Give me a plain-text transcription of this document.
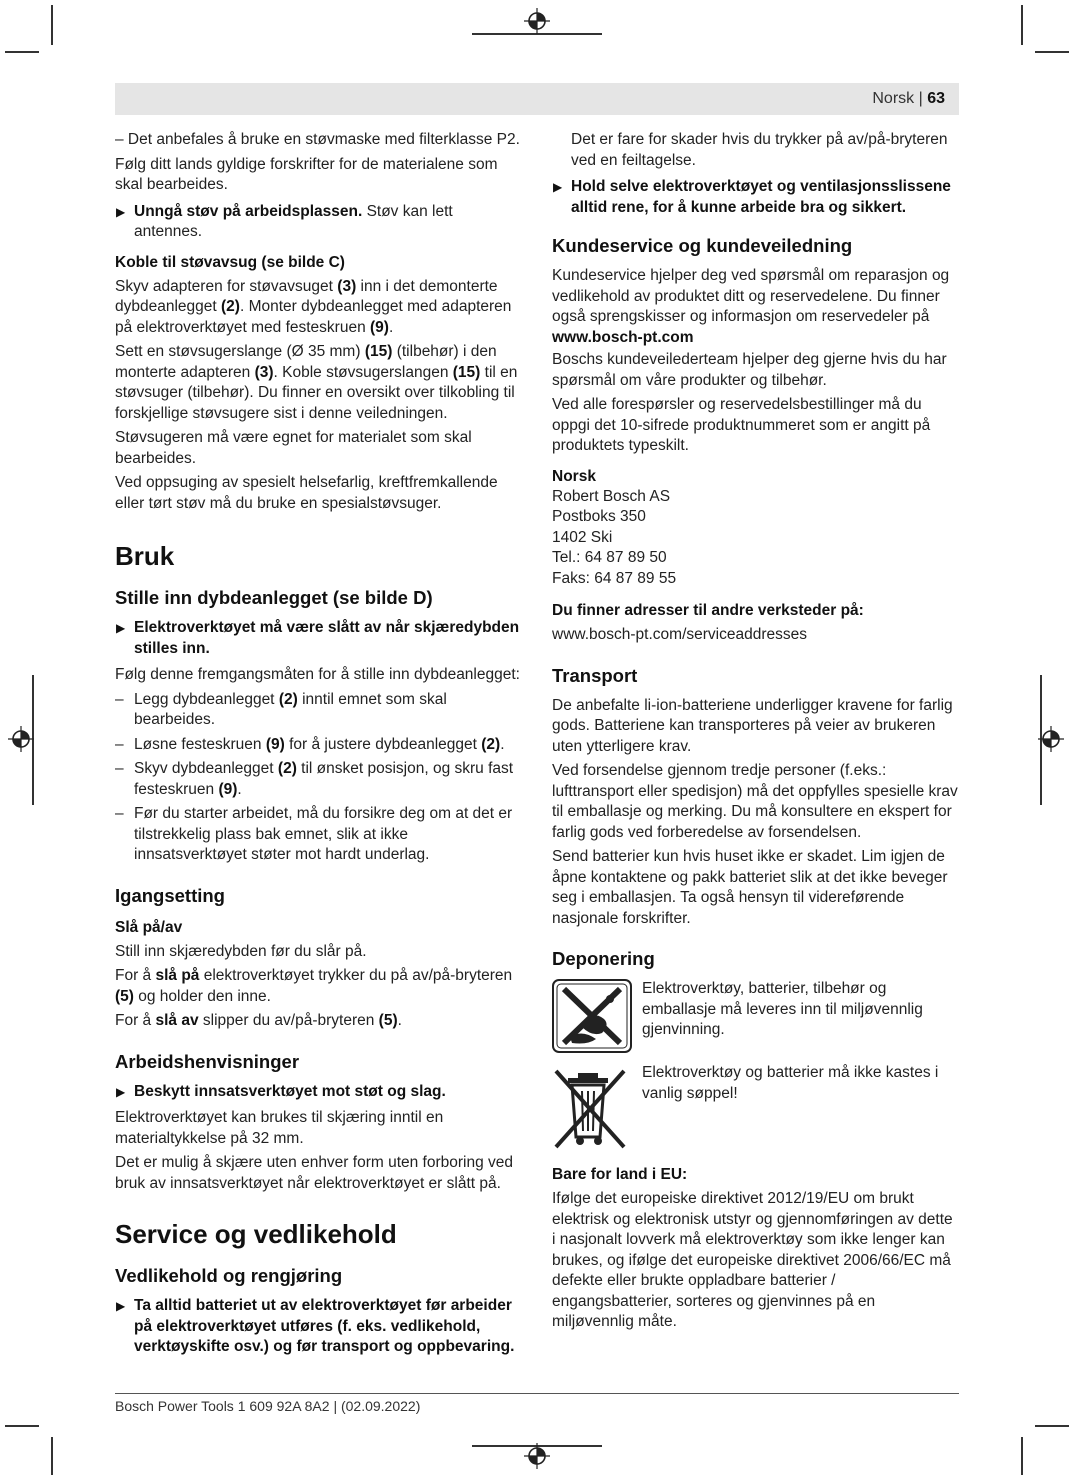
Norsk | 63

– Det anbefales å bruke en støvmaske med filterklasse P2.

Følg ditt lands gyldige forskrifter for de materialene som skal bearbeides.

▶ Unngå støv på arbeidsplassen. Støv kan lett antennes.
Koble til støvavsug (se bilde C)

Skyv adapteren for støvavsuget (3) inn i det demonterte dybdeanlegget (2). Monter dybdeanlegget med adapteren på elektroverktøyet med festeskruen (9).

Sett en støvsugerslange (Ø 35 mm) (15) (tilbehør) i den monterte adapteren (3). Koble støvsugerslangen (15) til en støvsuger (tilbehør). Du finner en oversikt over tilkobling til forskjellige støvsugere sist i denne veiledningen.

Støvsugeren må være egnet for materialet som skal bearbeides.

Ved oppsuging av spesielt helsefarlig, kreftfremkallende eller tørt støv må du bruke en spesialstøvsuger.

Bruk
Stille inn dybdeanlegget (se bilde D)
▶ Elektroverktøyet må være slått av når skjæredybden stilles inn.

Følg denne fremgangsmåten for å stille inn dybdeanlegget:

– Legg dybdeanlegget (2) inntil emnet som skal bearbeides.
– Løsne festeskruen (9) for å justere dybdeanlegget (2).
– Skyv dybdeanlegget (2) til ønsket posisjon, og skru fast festeskruen (9).
– Før du starter arbeidet, må du forsikre deg om at det er tilstrekkelig plass bak emnet, slik at ikke innsatsverktøyet støter mot hardt underlag.
Igangsetting
Slå på/av

Still inn skjæredybden før du slår på.

For å slå på elektroverktøyet trykker du på av/på-bryteren (5) og holder den inne.

For å slå av slipper du av/på-bryteren (5).

Arbeidshenvisninger
▶ Beskytt innsatsverktøyet mot støt og slag.

Elektroverktøyet kan brukes til skjæring inntil en materialtykkelse på 32 mm.

Det er mulig å skjære uten enhver form uten forboring ved bruk av innsatsverktøyet når elektroverktøyet er slått på.

Service og vedlikehold
Vedlikehold og rengjøring
▶ Ta alltid batteriet ut av elektroverktøyet før arbeider på elektroverktøyet utføres (f. eks. vedlikehold, verktøyskifte osv.) og før transport og oppbevaring.

Det er fare for skader hvis du trykker på av/på-bryteren ved en feiltagelse.

▶ Hold selve elektroverktøyet og ventilasjonsslissene alltid rene, for å kunne arbeide bra og sikkert.
Kundeservice og kundeveiledning

Kundeservice hjelper deg ved spørsmål om reparasjon og vedlikehold av produktet ditt og reservedelene. Du finner også sprengskisser og informasjon om reservedeler på

www.bosch-pt.com

Boschs kundeveilederteam hjelper deg gjerne hvis du har spørsmål om våre produkter og tilbehør.

Ved alle forespørsler og reservedelsbestillinger må du oppgi det 10-sifrede produktnummeret som er angitt på produktets typeskilt.

Norsk
Robert Bosch AS
Postboks 350
1402 Ski
Tel.: 64 87 89 50
Faks: 64 87 89 55
Du finner adresser til andre verksteder på:

www.bosch-pt.com/serviceaddresses

Transport

De anbefalte li-ion-batteriene underligger kravene for farlig gods. Batteriene kan transporteres på veier av brukeren uten ytterligere krav.

Ved forsendelse gjennom tredje personer (f.eks.: lufttransport eller spedisjon) må det oppfylles spesielle krav til emballasje og merking. Du må konsultere en ekspert for farlig gods ved forberedelse av forsendelsen.

Send batterier kun hvis huset ikke er skadet. Lim igjen de åpne kontaktene og pakk batteriet slik at det ikke beveger seg i emballasjen. Ta også hensyn til videreførende nasjonale forskrifter.

Deponering
Elektroverktøy, batterier, tilbehør og emballasje må leveres inn til miljøvennlig gjenvinning.
Elektroverktøy og batterier må ikke kastes i vanlig søppel!
Bare for land i EU:

Ifølge det europeiske direktivet 2012/19/EU om brukt elektrisk og elektronisk utstyr og gjennomføringen av dette i nasjonalt lovverk må elektroverktøy som ikke lenger kan brukes, og ifølge det europeiske direktivet 2006/66/EC må defekte eller brukte oppladbare batterier / engangsbatterier, sorteres og gjenvinnes på en miljøvennlig måte.

Bosch Power Tools 1 609 92A 8A2 | (02.09.2022)
